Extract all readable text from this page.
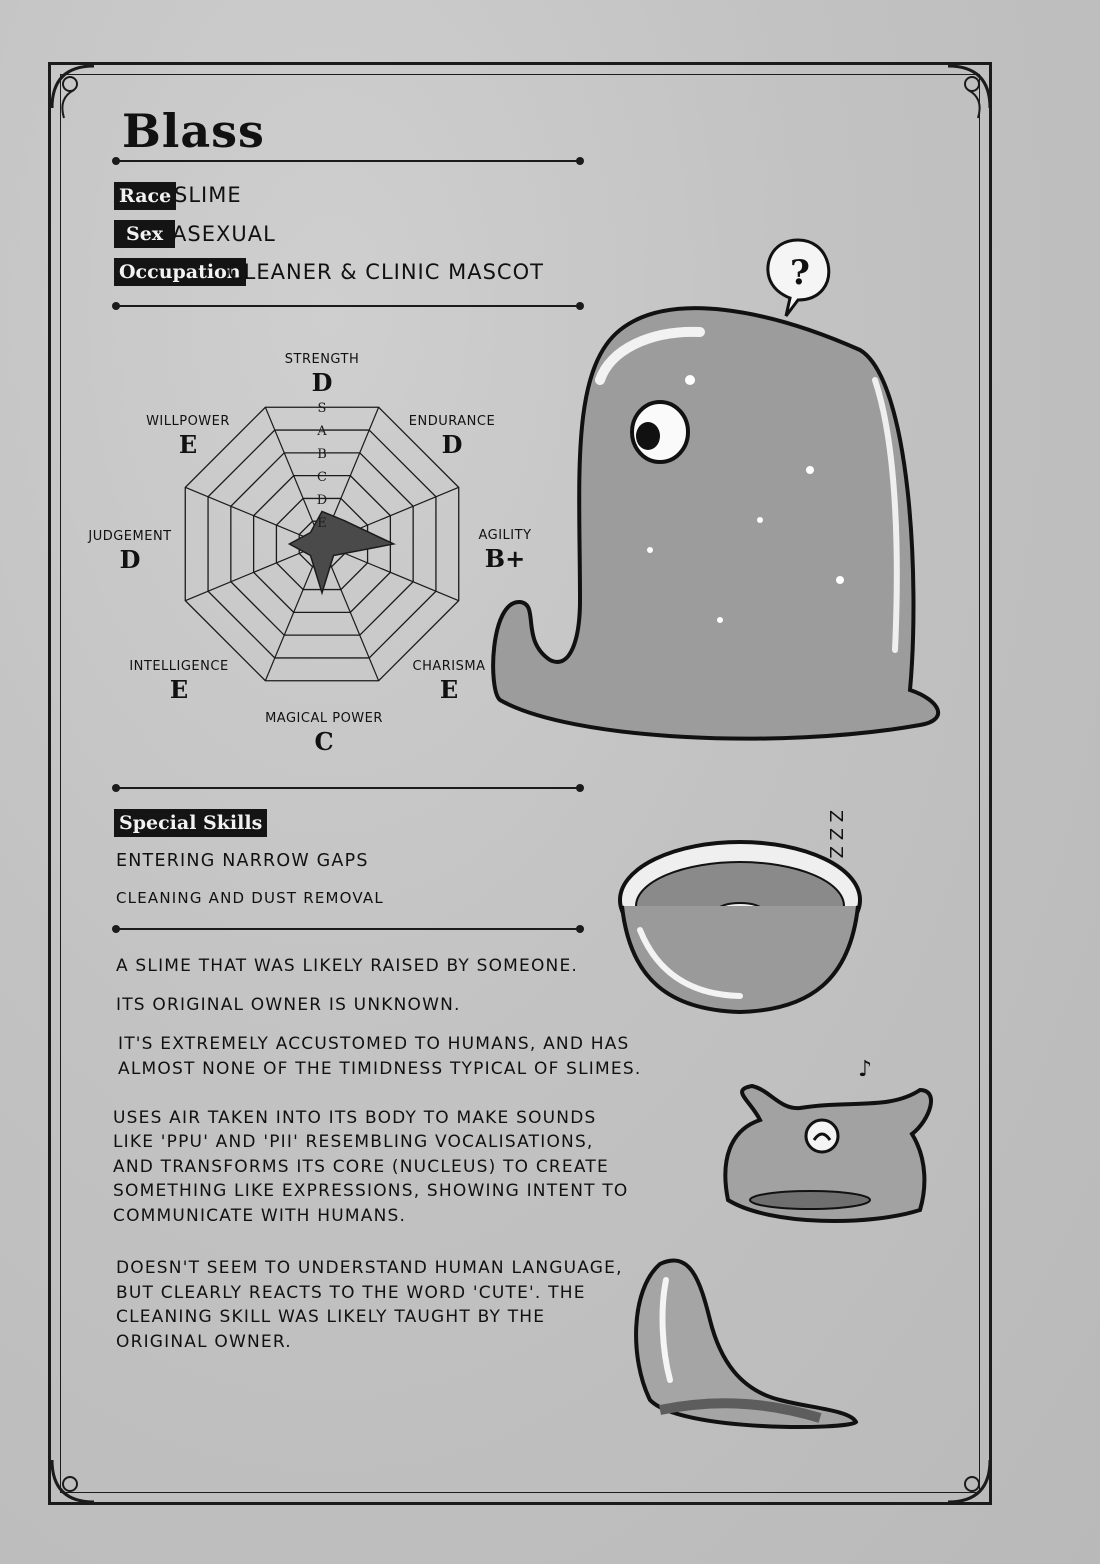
Blass
Race SLIME
Sex ASEXUAL
Occupation
CLEANER & CLINIC MASCOT
S
A
B
C
D
E
STRENGTH
D
ENDURANCE
D
AGILITY
B+
CHARISMA
E
MAGICAL POWER
C
INTELLIGENCE
E
JUDGEMENT
D
WILLPOWER
E
Special Skills
ENTERING NARROW GAPS
CLEANING AND DUST REMOVAL
A SLIME THAT WAS LIKELY RAISED BY SOMEONE.
ITS ORIGINAL OWNER IS UNKNOWN.
IT'S EXTREMELY ACCUSTOMED TO HUMANS, AND HAS
ALMOST NONE OF THE TIMIDNESS TYPICAL OF SLIMES.
USES AIR TAKEN INTO ITS BODY TO MAKE SOUNDS
LIKE 'PPU' AND 'PII' RESEMBLING VOCALISATIONS,
AND TRANSFORMS ITS CORE (NUCLEUS) TO CREATE
SOMETHING LIKE EXPRESSIONS, SHOWING INTENT TO
COMMUNICATE WITH HUMANS.
DOESN'T SEEM TO UNDERSTAND HUMAN LANGUAGE,
BUT CLEARLY REACTS TO THE WORD 'CUTE'. THE
CLEANING SKILL WAS LIKELY TAUGHT BY THE
ORIGINAL OWNER.
?
Z Z Z
♪
